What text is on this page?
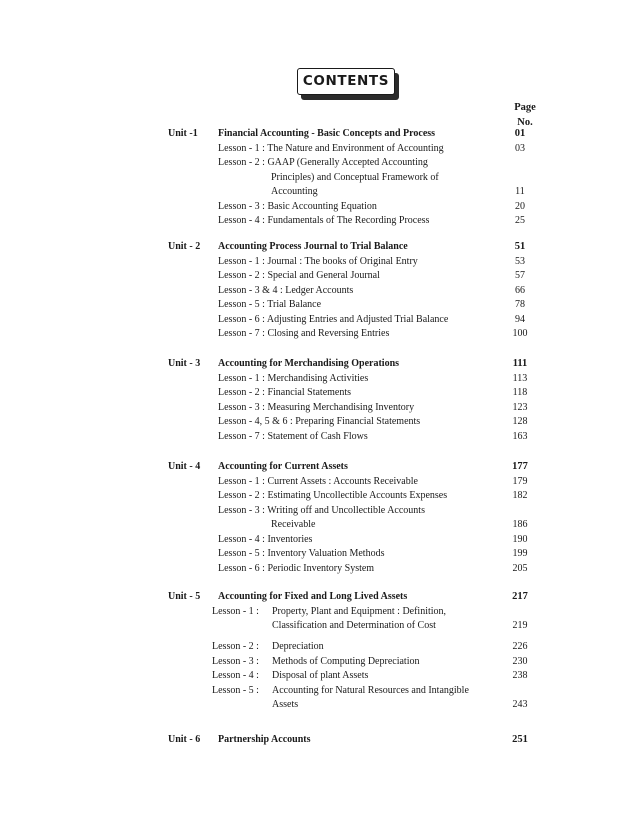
CONTENTS
Page
No.
Unit -1 Financial Accounting - Basic Concepts and Process	01
Lesson - 1 : The Nature and Environment of Accounting	03
Lesson - 2 : GAAP (Generally Accepted Accounting
Principles) and Conceptual Framework of
Accounting	11
Lesson - 3 : Basic Accounting Equation	20
Lesson - 4 : Fundamentals of The Recording Process	25
Unit - 2 Accounting Process Journal to Trial Balance	51
Lesson - 1 : Journal : The books of Original Entry	53
Lesson - 2 : Special and General Journal	57
Lesson - 3 & 4 : Ledger Accounts	66
Lesson - 5 : Trial Balance	78
Lesson - 6 : Adjusting Entries and Adjusted Trial Balance	94
Lesson - 7 : Closing and Reversing Entries	100
Unit - 3 Accounting for Merchandising Operations	111
Lesson - 1 : Merchandising Activities	113
Lesson - 2 : Financial Statements	118
Lesson - 3 : Measuring Merchandising Inventory	123
Lesson - 4, 5 & 6 : Preparing Financial Statements	128
Lesson - 7 : Statement of Cash Flows	163
Unit - 4 Accounting for Current Assets	177
Lesson - 1 : Current Assets : Accounts Receivable	179
Lesson - 2 : Estimating Uncollectible Accounts Expenses	182
Lesson - 3 : Writing off and Uncollectible Accounts
Receivable	186
Lesson - 4 : Inventories	190
Lesson - 5 : Inventory Valuation Methods	199
Lesson - 6 : Periodic Inventory System	205
Unit - 5 Accounting for Fixed and Long Lived Assets	217
Lesson - 1 : Property, Plant and Equipment : Definition,
Classification and Determination of Cost	219
Lesson - 2 : Depreciation	226
Lesson - 3 : Methods of Computing Depreciation	230
Lesson - 4 : Disposal of plant Assets	238
Lesson - 5 : Accounting for Natural Resources and Intangible
Assets	243
Unit - 6 Partnership Accounts	251
